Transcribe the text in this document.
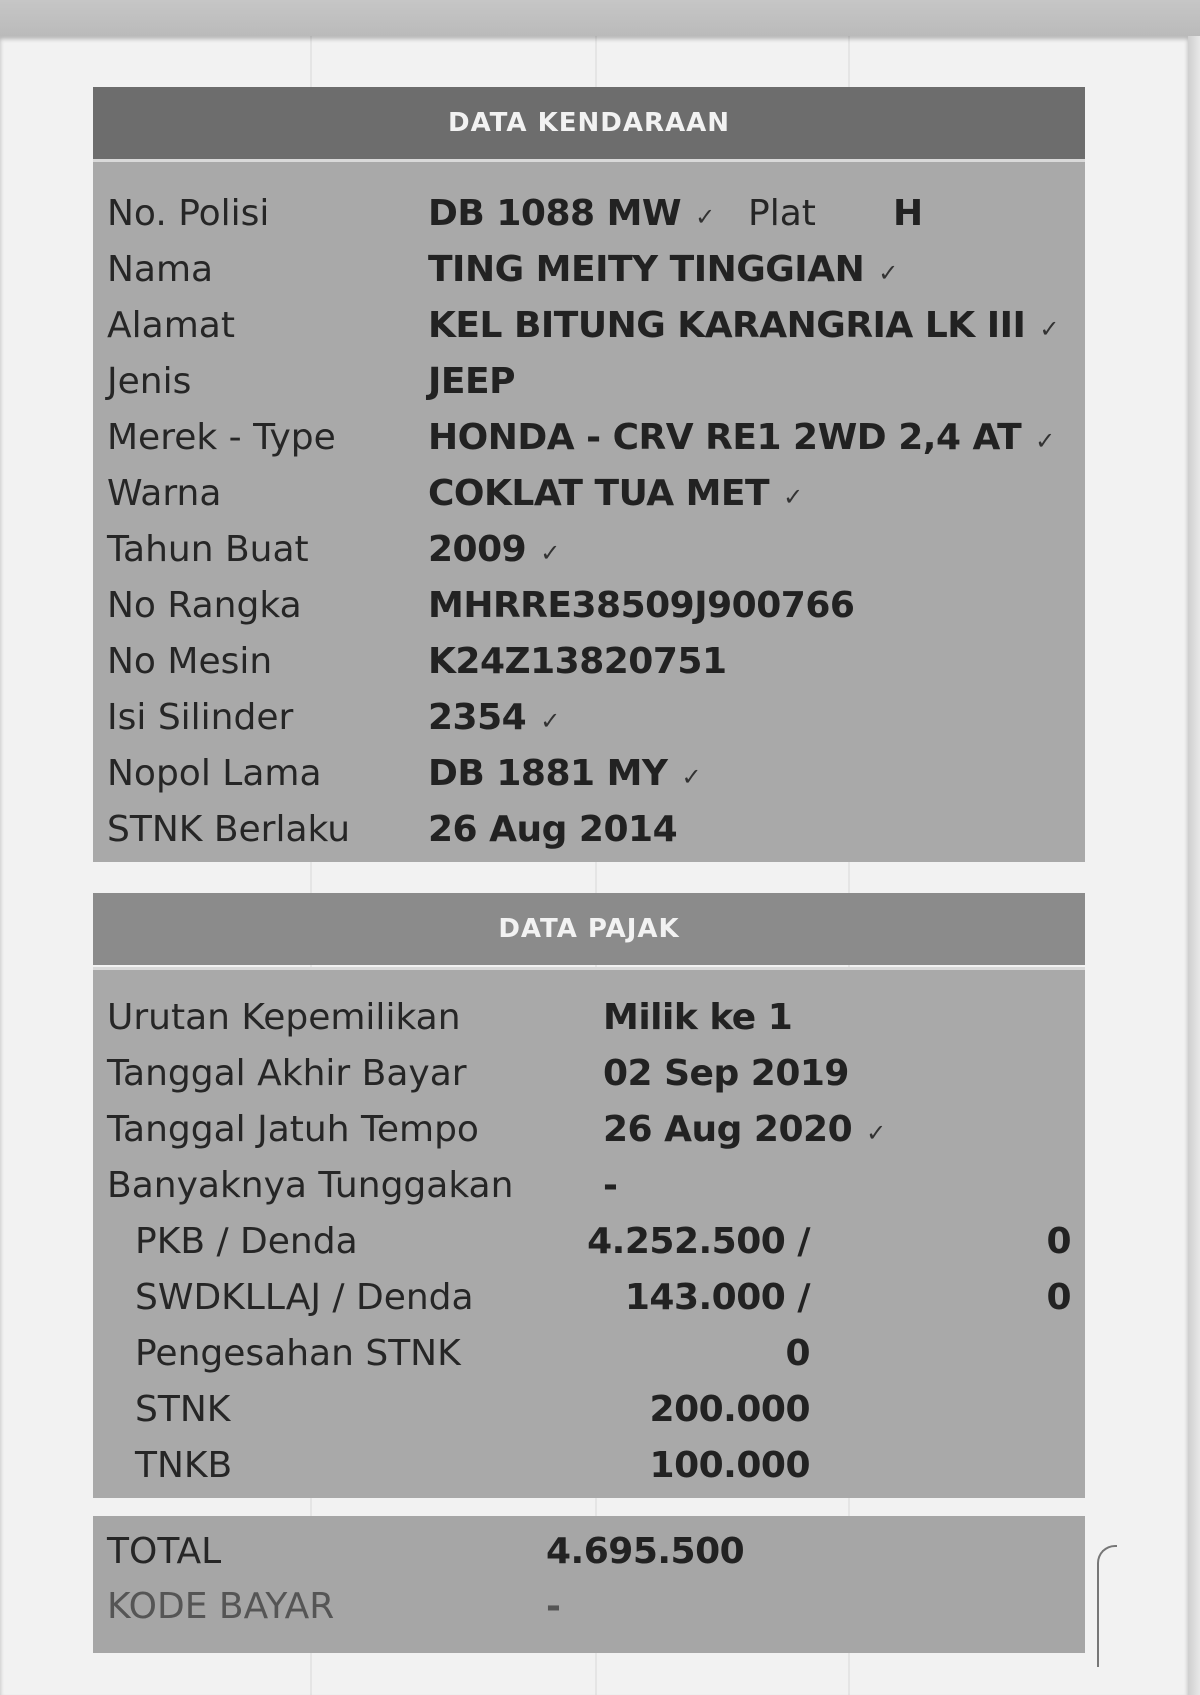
DATA KENDARAAN
No. Polisi	DB 1088 MW ✓ Plat H
Nama	TING MEITY TINGGIAN ✓
Alamat	KEL BITUNG KARANGRIA LK III ✓
Jenis	JEEP
Merek - Type	HONDA - CRV RE1 2WD 2,4 AT ✓
Warna	COKLAT TUA MET ✓
Tahun Buat	2009 ✓
No Rangka	MHRRE38509J900766
No Mesin	K24Z13820751
Isi Silinder	2354 ✓
Nopol Lama	DB 1881 MY ✓
STNK Berlaku 26 Aug 2014
DATA PAJAK
Urutan Kepemilikan	Milik ke 1
Tanggal Akhir Bayar	02 Sep 2019
Tanggal Jatuh Tempo	26 Aug 2020 ✓
Banyaknya Tunggakan -
PKB / Denda	4.252.500 /	0
SWDKLLAJ / Denda	143.000 /	0
Pengesahan STNK	0
STNK	200.000
TNKB	100.000
TOTAL	4.695.500
KODE BAYAR	-
